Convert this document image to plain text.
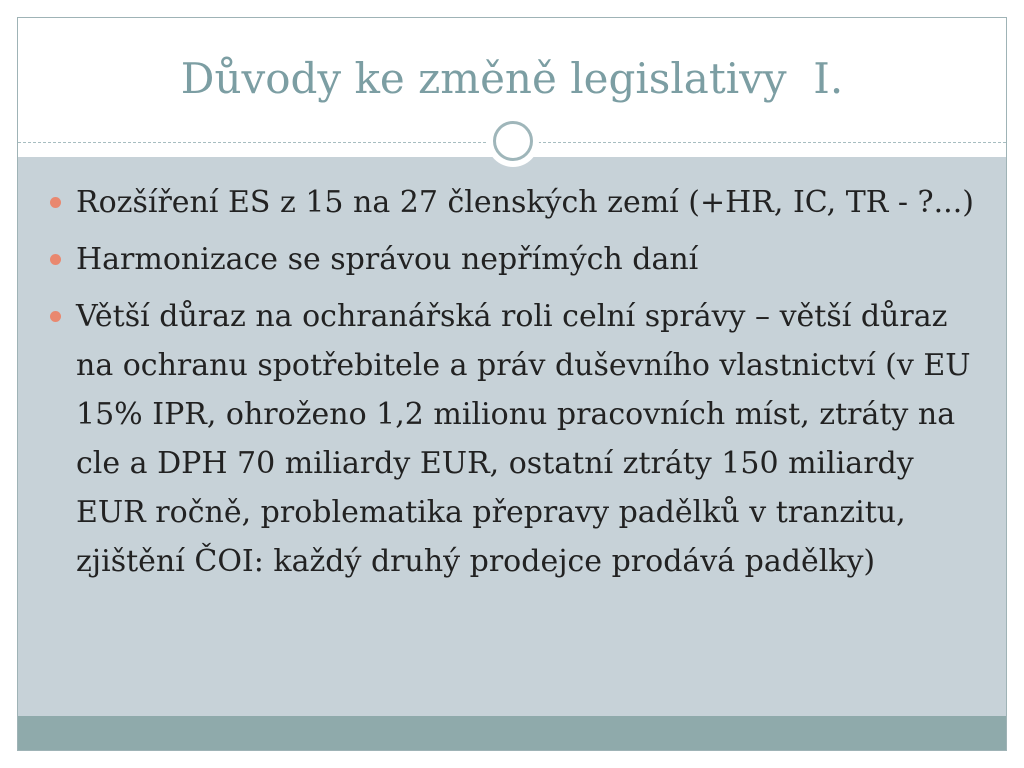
Důvody ke změně legislativy  I.
Rozšíření ES z 15 na 27 členských zemí (+HR, IC, TR - ?...)
Harmonizace se správou nepřímých daní
Větší důraz na ochranářská roli celní správy – větší důraz na ochranu spotřebitele a práv duševního vlastnictví (v EU 15% IPR, ohroženo 1,2 milionu pracovních míst, ztráty na cle a DPH 70 miliardy EUR, ostatní ztráty 150 miliardy EUR ročně, problematika přepravy padělků v tranzitu, zjištění ČOI: každý druhý prodejce prodává padělky)
